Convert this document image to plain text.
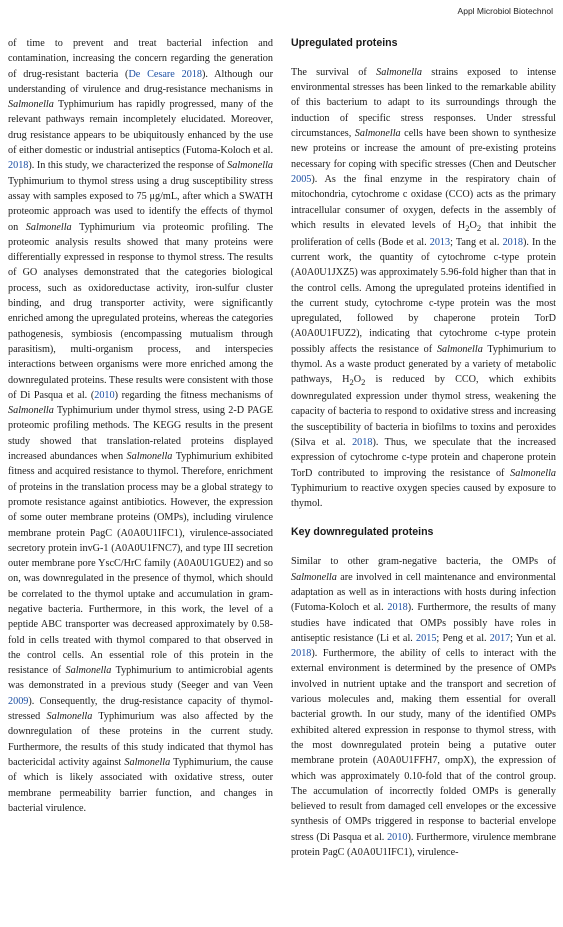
Appl Microbiol Biotechnol

of time to prevent and treat bacterial infection and contamination, increasing the concern regarding the generation of drug-resistant bacteria (De Cesare 2018). Although our understanding of virulence and drug-resistance mechanisms in Salmonella Typhimurium has rapidly progressed, many of the relevant pathways remain incompletely elucidated. Moreover, drug resistance appears to be ubiquitously enhanced by the use of either domestic or industrial antiseptics (Futoma-Koloch et al. 2018). In this study, we characterized the response of Salmonella Typhimurium to thymol stress using a drug susceptibility stress assay with samples exposed to 75 μg/mL, after which a SWATH proteomic approach was used to identify the effects of thymol on Salmonella Typhimurium via proteomic profiling. The proteomic analysis results showed that many proteins were differentially expressed in response to thymol stress. The results of GO analyses demonstrated that the categories biological process, such as oxidoreductase activity, iron-sulfur cluster binding, and drug transporter activity, were significantly enriched among the upregulated proteins, whereas the categories pathogenesis, symbiosis (encompassing mutualism through parasitism), multi-organism process, and interspecies interactions between organisms were more enriched among the downregulated proteins. These results were consistent with those of Di Pasqua et al. (2010) regarding the fitness mechanisms of Salmonella Typhimurium under thymol stress, using 2-D PAGE proteomic profiling methods. The KEGG results in the present study showed that translation-related proteins displayed increased abundances when Salmonella Typhimurium exhibited fitness and acquired resistance to thymol. Therefore, enrichment of proteins in the translation process may be a global strategy to promote resistance against antibiotics. However, the expression of some outer membrane proteins (OMPs), including virulence membrane protein PagC (A0A0U1IFC1), virulence-associated secretory protein invG-1 (A0A0U1FNC7), and type III secretion outer membrane pore YscC/HrC family (A0A0U1GUE2) and so on, was downregulated in the presence of thymol, which should be correlated to the thymol uptake and accumulation in gram-negative bacteria. Furthermore, in this work, the level of a peptide ABC transporter was decreased approximately by 0.58-fold in cells treated with thymol compared to that observed in the control cells. An essential role of this protein in the resistance of Salmonella Typhimurium to antimicrobial agents was demonstrated in a previous study (Seeger and van Veen 2009). Consequently, the drug-resistance capacity of thymol-stressed Salmonella Typhimurium was also affected by the downregulation of these proteins in the current study. Furthermore, the results of this study indicated that thymol has bactericidal activity against Salmonella Typhimurium, the cause of which is likely associated with oxidative stress, outer membrane permeability barrier function, and changes in bacterial virulence.

Upregulated proteins

The survival of Salmonella strains exposed to intense environmental stresses has been linked to the remarkable ability of this bacterium to adapt to its surroundings through the induction of specific stress responses. Under stressful circumstances, Salmonella cells have been shown to synthesize new proteins or increase the amount of pre-existing proteins necessary for coping with specific stresses (Chen and Deutscher 2005). As the final enzyme in the respiratory chain of mitochondria, cytochrome c oxidase (CCO) acts as the primary intracellular consumer of oxygen, defects in the assembly of which results in elevated levels of $H_2O_2$ that inhibit the proliferation of cells (Bode et al. 2013; Tang et al. 2018). In the current work, the quantity of cytochrome c-type protein (A0A0U1JXZ5) was approximately 5.96-fold higher than that in the control cells. Among the upregulated proteins identified in the current study, cytochrome c-type protein was the most upregulated, followed by chaperone protein TorD (A0A0U1FUZ2), indicating that cytochrome c-type protein possibly affects the resistance of Salmonella Typhimurium to thymol. As a waste product generated by a variety of metabolic pathways, $H_2O_2$ is reduced by CCO, which exhibits downregulated expression under thymol stress, weakening the capacity of bacteria to respond to oxidative stress and increasing the susceptibility of bacteria in biofilms to toxins and peroxides (Silva et al. 2018). Thus, we speculate that the increased expression of cytochrome c-type protein and chaperone protein TorD contributed to improving the resistance of Salmonella Typhimurium to reactive oxygen species caused by exposure to thymol.

Key downregulated proteins

Similar to other gram-negative bacteria, the OMPs of Salmonella are involved in cell maintenance and environmental adaptation as well as in interactions with hosts during infection (Futoma-Koloch et al. 2018). Furthermore, the results of many studies have indicated that OMPs possibly have roles in antiseptic resistance (Li et al. 2015; Peng et al. 2017; Yun et al. 2018). Furthermore, the ability of cells to interact with the external environment is determined by the presence of OMPs involved in nutrient uptake and the transport and secretion of various molecules and, making them essential for overall bacterial growth. In our study, many of the identified OMPs exhibited altered expression in response to thymol stress, with the most downregulated protein being a putative outer membrane protein (A0A0U1FFH7, ompX), the expression of which was approximately 0.10-fold that of the control group. The accumulation of incorrectly folded OMPs is generally believed to result from damaged cell envelopes or the excessive synthesis of OMPs triggered in response to bacterial envelope stress (Di Pasqua et al. 2010). Furthermore, virulence membrane protein PagC (A0A0U1IFC1), virulence-
